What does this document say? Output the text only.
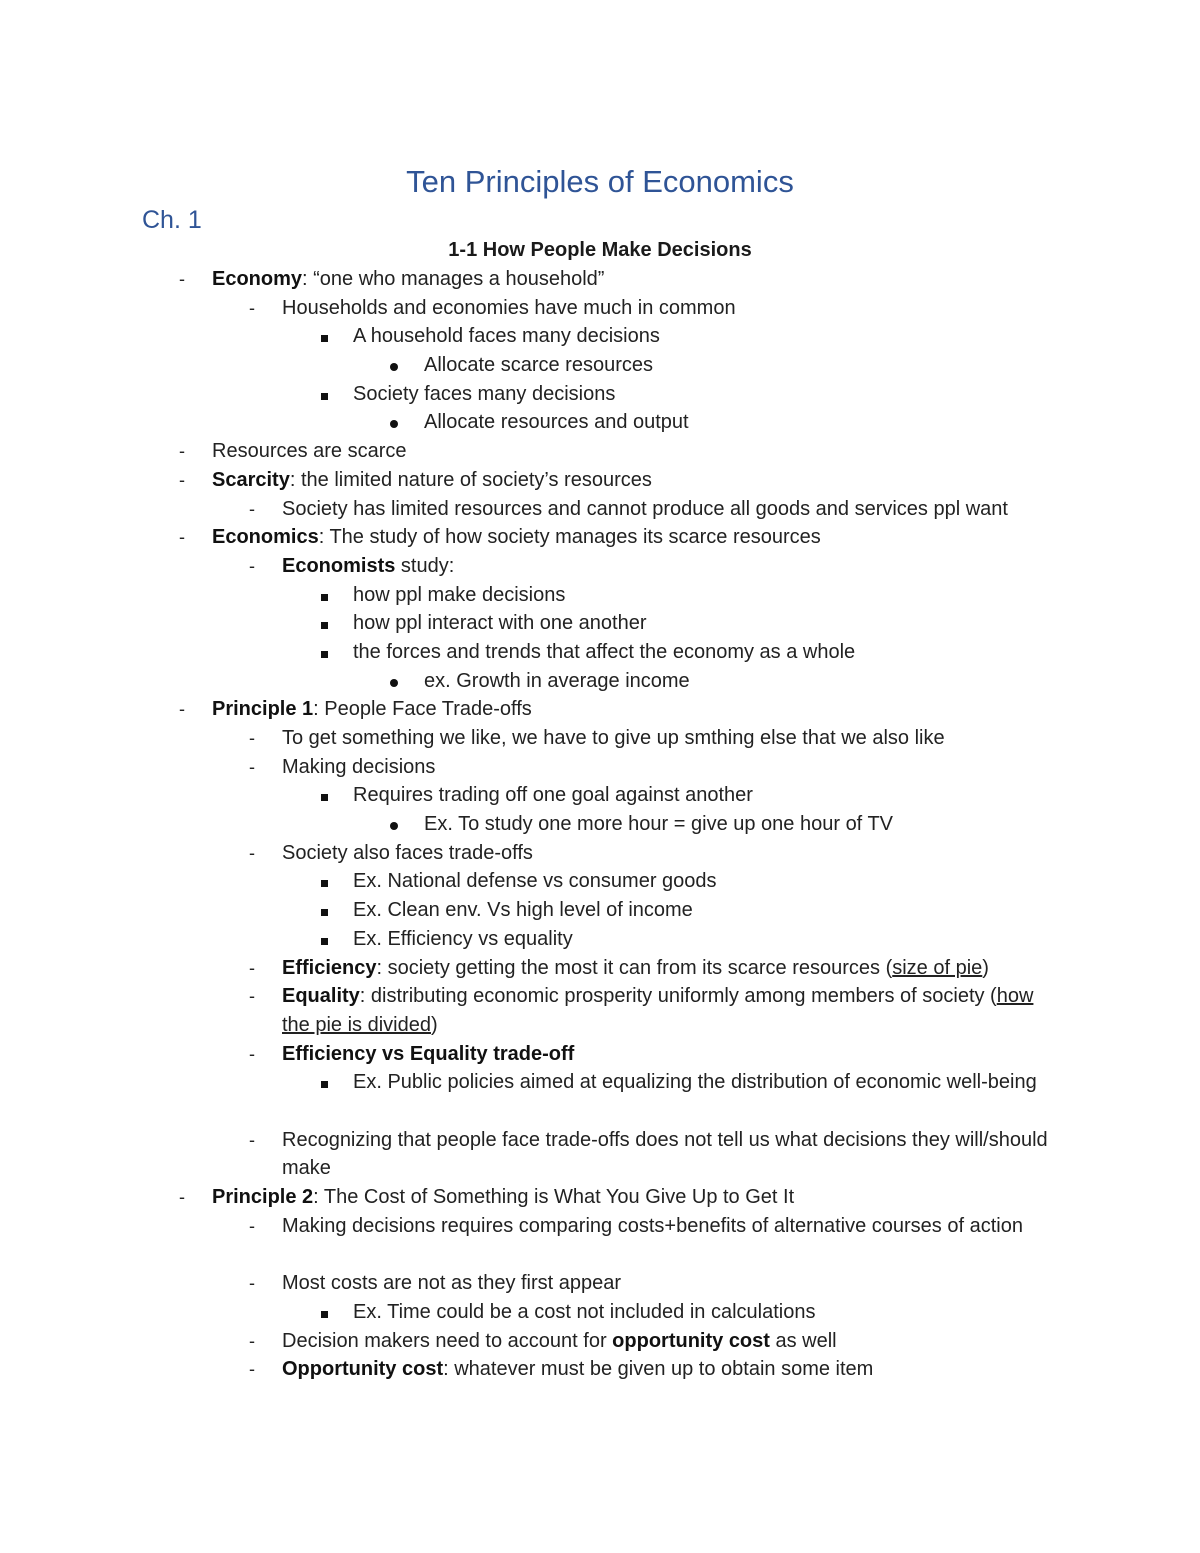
Ten Principles of Economics
Ch. 1
1-1 How People Make Decisions
-	Economy: “one who manages a household”
-	Households and economies have much in common
A household faces many decisions
Allocate scarce resources
Society faces many decisions
Allocate resources and output
-	Resources are scarce
-	Scarcity: the limited nature of society’s resources
-	Society has limited resources and cannot produce all goods and services ppl want
-	Economics: The study of how society manages its scarce resources
-	Economists study:
how ppl make decisions
how ppl interact with one another
the forces and trends that affect the economy as a whole
ex. Growth in average income
-	Principle 1: People Face Trade-offs
-	To get something we like, we have to give up smthing else that we also like
-	Making decisions
Requires trading off one goal against another
Ex. To study one more hour = give up one hour of TV
-	Society also faces trade-offs
Ex. National defense vs consumer goods
Ex. Clean env. Vs high level of income
Ex. Efficiency vs equality
-	Efficiency: society getting the most it can from its scarce resources (size of pie)
-	Equality: distributing economic prosperity uniformly among members of society (how the pie is divided)
-	Efficiency vs Equality trade-off
Ex. Public policies aimed at equalizing the distribution of economic well-being
-	Recognizing that people face trade-offs does not tell us what decisions they will/should make
-	Principle 2: The Cost of Something is What You Give Up to Get It
-	Making decisions requires comparing costs+benefits of alternative courses of action
-	Most costs are not as they first appear
Ex. Time could be a cost not included in calculations
-	Decision makers need to account for opportunity cost as well
-	Opportunity cost: whatever must be given up to obtain some item
